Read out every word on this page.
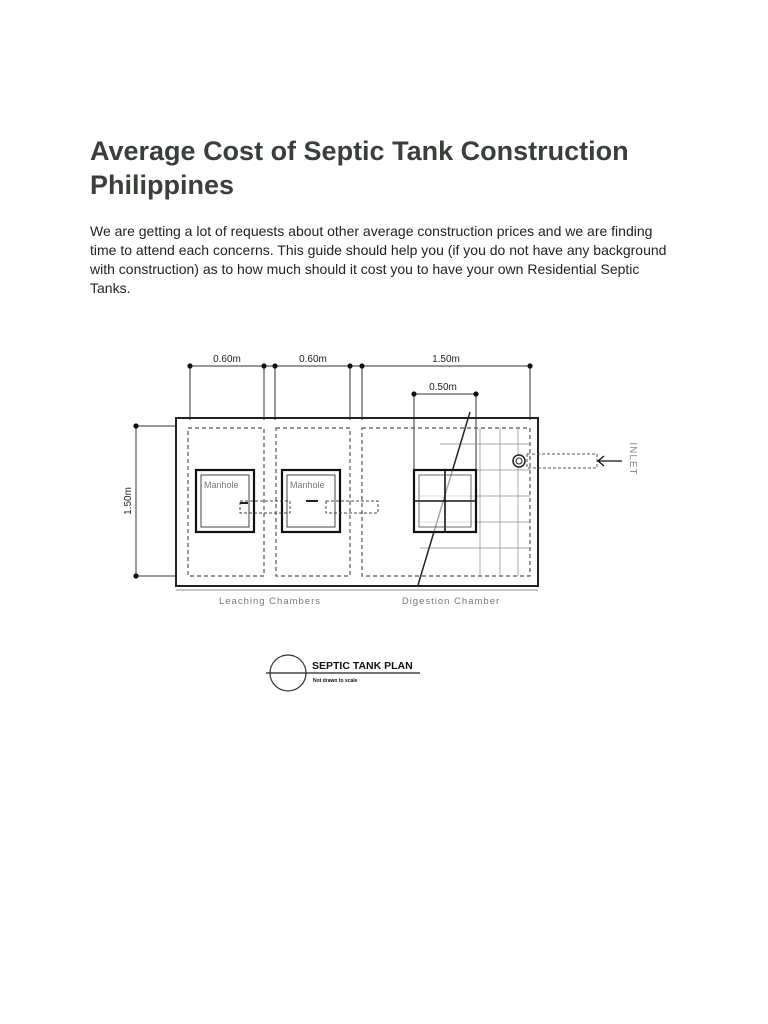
Average Cost of Septic Tank Construction Philippines

We are getting a lot of requests about other average construction prices and we are finding time to attend each concerns. This guide should help you (if you do not have any background with construction) as to how much should it cost you to have your own Residential Septic Tanks.

0.60m	0.60m	1.50m
0.50m
1.50m
Manhole	Manhole
INLET
Leaching Chambers	Digestion Chamber
SEPTIC TANK PLAN
Not drawn to scale
